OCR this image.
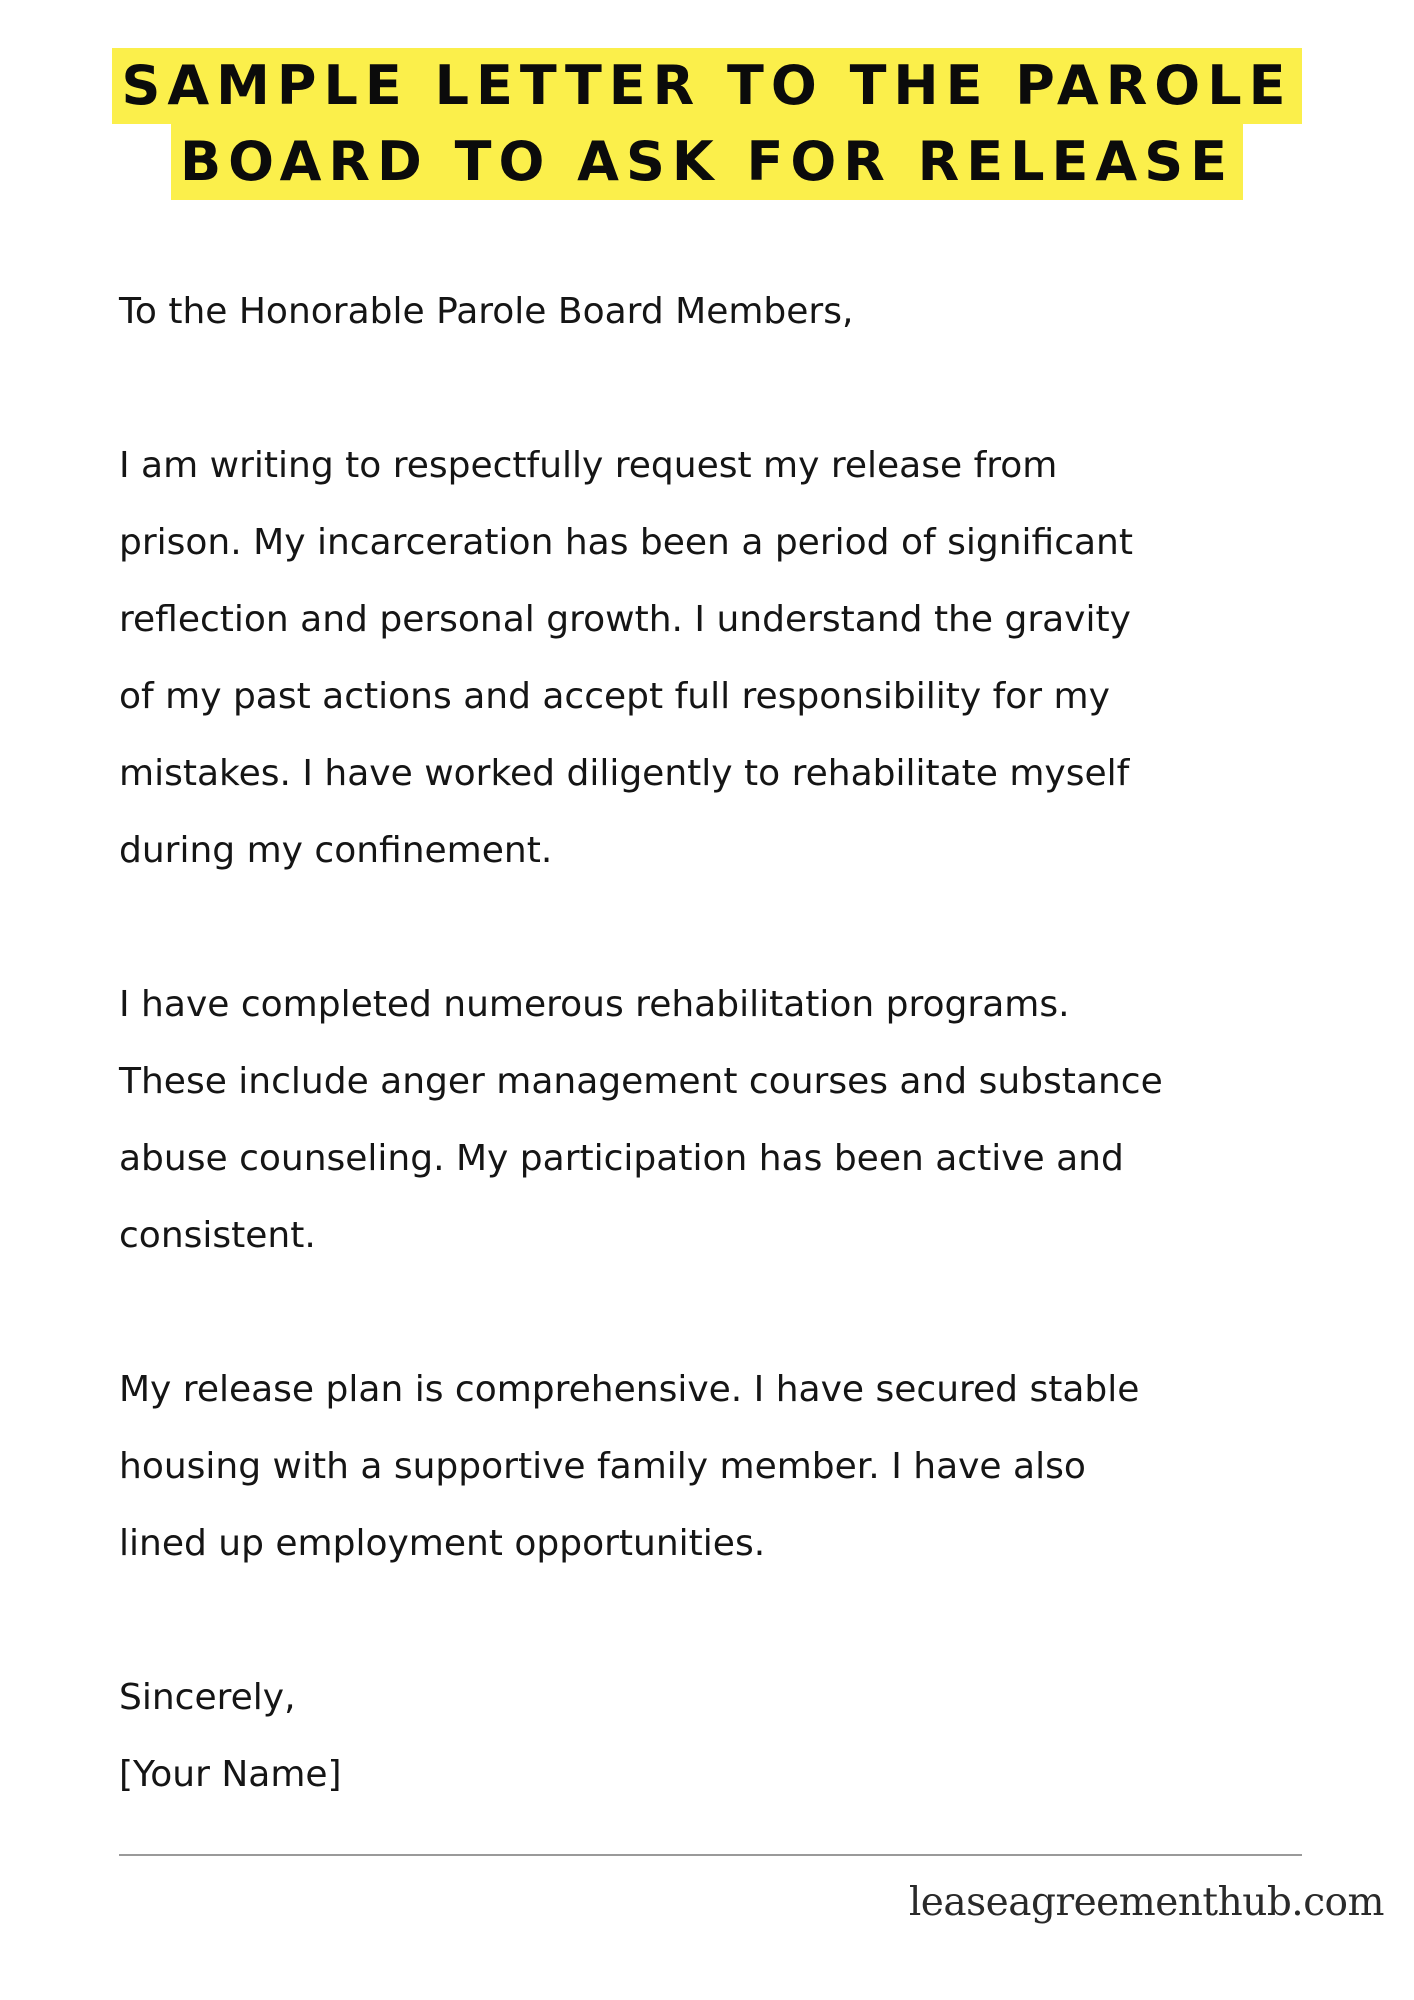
SAMPLE LETTER TO THE PAROLE
BOARD TO ASK FOR RELEASE

To the Honorable Parole Board Members,

I am writing to respectfully request my release from
prison. My incarceration has been a period of significant
reflection and personal growth. I understand the gravity
of my past actions and accept full responsibility for my
mistakes. I have worked diligently to rehabilitate myself
during my confinement.

I have completed numerous rehabilitation programs.
These include anger management courses and substance
abuse counseling. My participation has been active and
consistent.

My release plan is comprehensive. I have secured stable
housing with a supportive family member. I have also
lined up employment opportunities.

Sincerely,

[Your Name]

leaseagreementhub.com
